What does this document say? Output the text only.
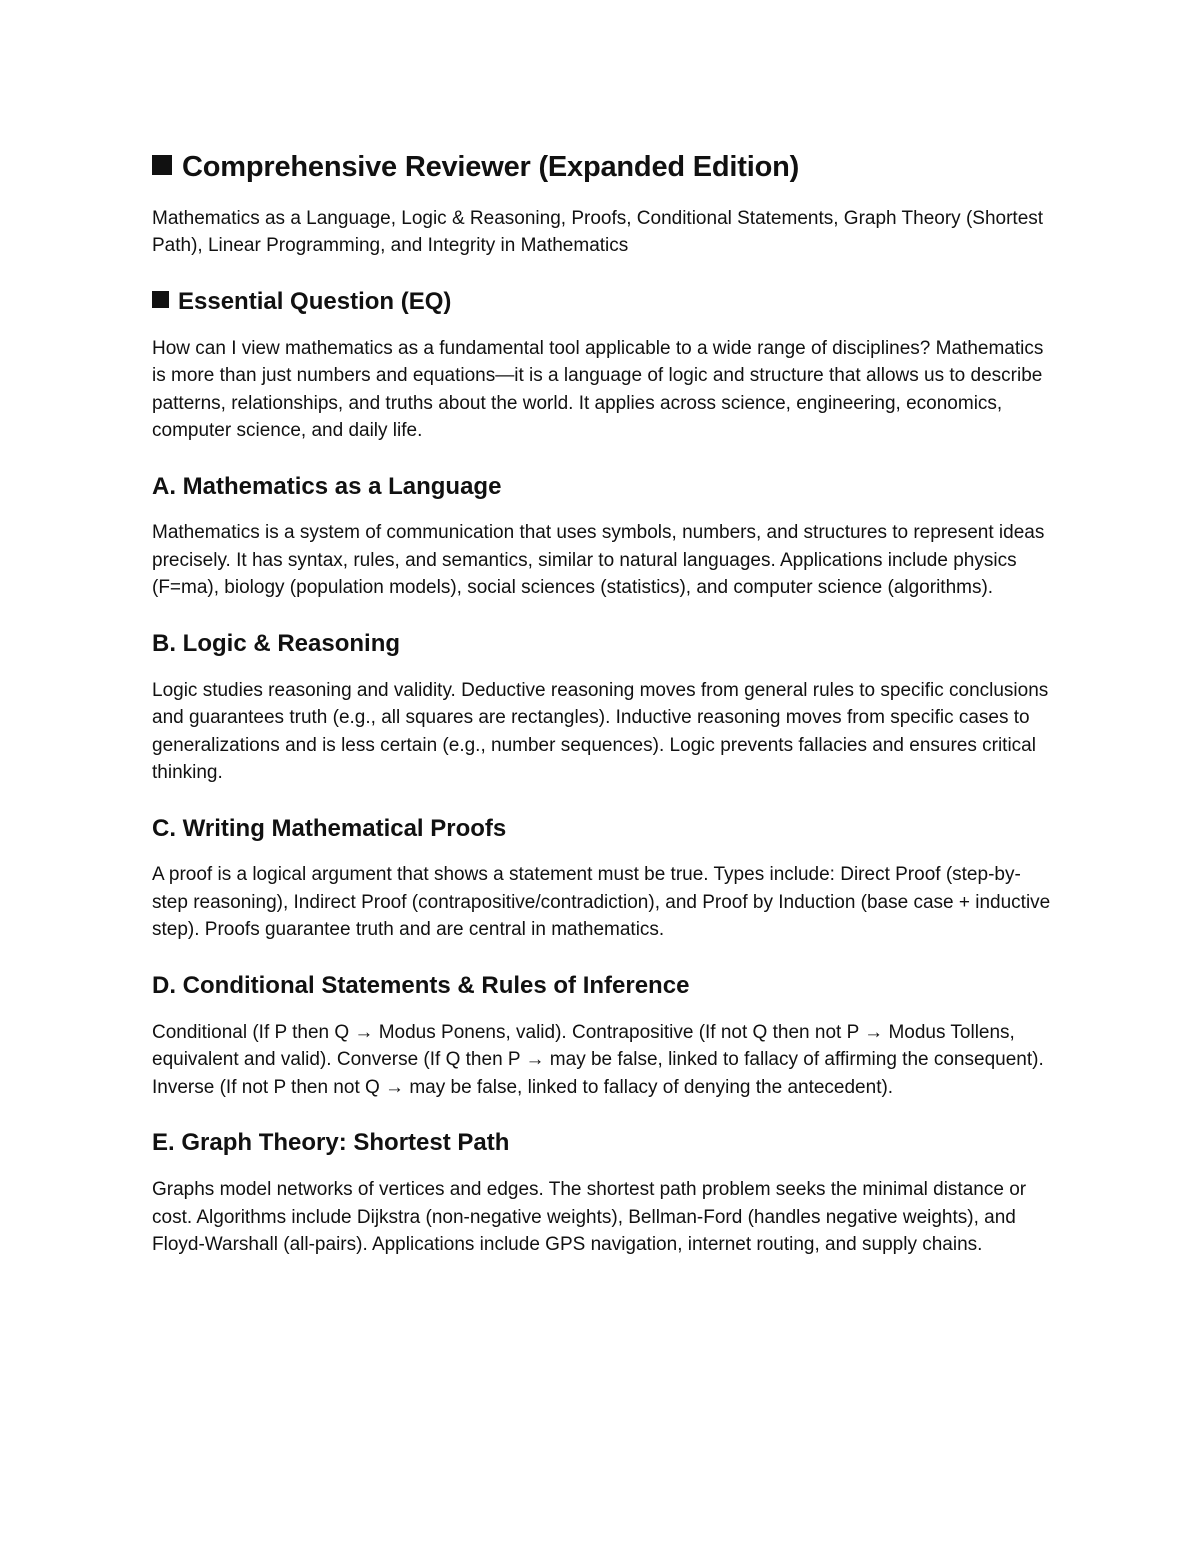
Comprehensive Reviewer (Expanded Edition)

Mathematics as a Language, Logic & Reasoning, Proofs, Conditional Statements, Graph Theory (Shortest Path), Linear Programming, and Integrity in Mathematics

Essential Question (EQ)

How can I view mathematics as a fundamental tool applicable to a wide range of disciplines? Mathematics is more than just numbers and equations—it is a language of logic and structure that allows us to describe patterns, relationships, and truths about the world. It applies across science, engineering, economics, computer science, and daily life.

A. Mathematics as a Language

Mathematics is a system of communication that uses symbols, numbers, and structures to represent ideas precisely. It has syntax, rules, and semantics, similar to natural languages. Applications include physics (F=ma), biology (population models), social sciences (statistics), and computer science (algorithms).

B. Logic & Reasoning

Logic studies reasoning and validity. Deductive reasoning moves from general rules to specific conclusions and guarantees truth (e.g., all squares are rectangles). Inductive reasoning moves from specific cases to generalizations and is less certain (e.g., number sequences). Logic prevents fallacies and ensures critical thinking.

C. Writing Mathematical Proofs

A proof is a logical argument that shows a statement must be true. Types include: Direct Proof (step-by-step reasoning), Indirect Proof (contrapositive/contradiction), and Proof by Induction (base case + inductive step). Proofs guarantee truth and are central in mathematics.

D. Conditional Statements & Rules of Inference

Conditional (If P then Q → Modus Ponens, valid). Contrapositive (If not Q then not P → Modus Tollens, equivalent and valid). Converse (If Q then P → may be false, linked to fallacy of affirming the consequent). Inverse (If not P then not Q → may be false, linked to fallacy of denying the antecedent).

E. Graph Theory: Shortest Path

Graphs model networks of vertices and edges. The shortest path problem seeks the minimal distance or cost. Algorithms include Dijkstra (non-negative weights), Bellman-Ford (handles negative weights), and Floyd-Warshall (all-pairs). Applications include GPS navigation, internet routing, and supply chains.
